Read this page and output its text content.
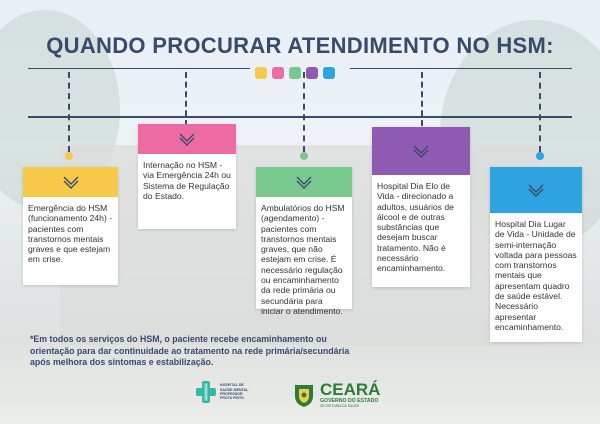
QUANDO PROCURAR ATENDIMENTO NO HSM:
Emergência do HSM (funcionamento 24h) - pacientes com transtornos mentais graves e que estejam em crise.
Internação no HSM - via Emergência 24h ou Sistema de Regulação do Estado.
Ambulatórios do HSM (agendamento) - pacientes com transtornos mentais graves, que não estejam em crise. É necessário regulação ou encaminhamento da rede primária ou secundária para iniciar o atendimento.
Hospital Dia Elo de Vida - direcionado a adultos, usuários de álcool e de outras substâncias que desejam buscar tratamento. Não é necessário encaminhamento.
Hospital Dia Lugar de Vida - Unidade de semi-internação voltada para pessoas com transtornos mentais que apresentam quadro de saúde estável. Necessário apresentar encaminhamento.
*Em todos os serviços do HSM, o paciente recebe encaminhamento ou orientação para dar continuidade ao tratamento na rede primária/secundária após melhora dos sintomas e estabilização.
HOSPITAL DE
SAÚDE MENTAL
PROFESSOR
FROTA PINTO	CEARÁ
GOVERNO DO ESTADO
SECRETARIA DA SAÚDE
